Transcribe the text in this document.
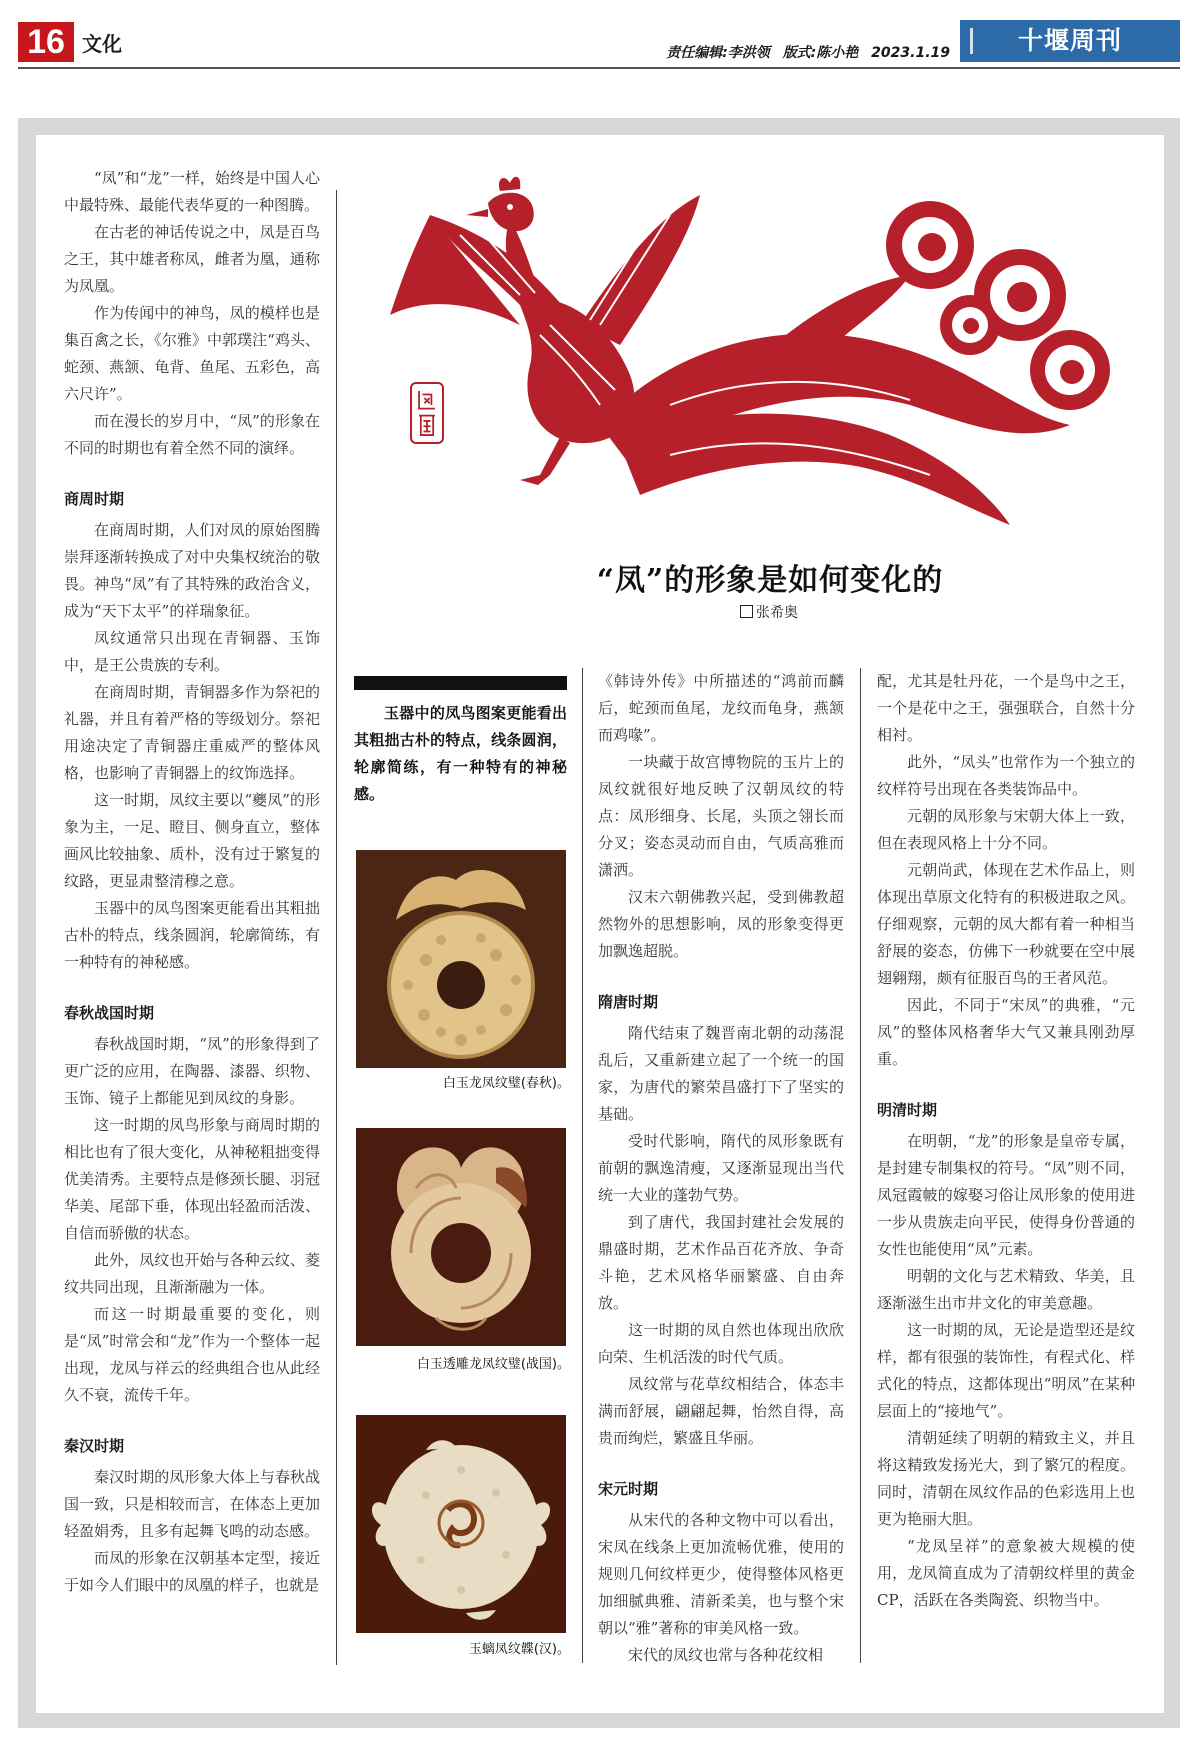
16 文化	责任编辑:李洪领 版式:陈小艳 2023.1.19	十堰周刊
“凤”的形象是如何变化的
张希奥

“凤”和“龙”一样，始终是中国人心中最特殊、最能代表华夏的一种图腾。

在古老的神话传说之中，凤是百鸟之王，其中雄者称凤，雌者为凰，通称为凤凰。

作为传闻中的神鸟，凤的模样也是集百禽之长，《尔雅》中郭璞注“鸡头、蛇颈、燕颔、龟背、鱼尾、五彩色，高六尺许”。

而在漫长的岁月中，“凤”的形象在不同的时期也有着全然不同的演绎。

商周时期

在商周时期，人们对凤的原始图腾崇拜逐渐转换成了对中央集权统治的敬畏。神鸟“凤”有了其特殊的政治含义，成为“天下太平”的祥瑞象征。

凤纹通常只出现在青铜器、玉饰中，是王公贵族的专利。

在商周时期，青铜器多作为祭祀的礼器，并且有着严格的等级划分。祭祀用途决定了青铜器庄重威严的整体风格，也影响了青铜器上的纹饰选择。

这一时期，凤纹主要以“夔凤”的形象为主，一足、瞪目、侧身直立，整体画风比较抽象、质朴，没有过于繁复的纹路，更显肃整清穆之意。

玉器中的凤鸟图案更能看出其粗拙古朴的特点，线条圆润，轮廓简练，有一种特有的神秘感。

春秋战国时期

春秋战国时期，“凤”的形象得到了更广泛的应用，在陶器、漆器、织物、玉饰、镜子上都能见到凤纹的身影。

这一时期的凤鸟形象与商周时期的相比也有了很大变化，从神秘粗拙变得优美清秀。主要特点是修颈长腿、羽冠华美、尾部下垂，体现出轻盈而活泼、自信而骄傲的状态。

此外，凤纹也开始与各种云纹、菱纹共同出现，且渐渐融为一体。

而这一时期最重要的变化，则是“凤”时常会和“龙”作为一个整体一起出现，龙凤与祥云的经典组合也从此经久不衰，流传千年。

秦汉时期

秦汉时期的凤形象大体上与春秋战国一致，只是相较而言，在体态上更加轻盈娟秀，且多有起舞飞鸣的动态感。

而凤的形象在汉朝基本定型，接近于如今人们眼中的凤凰的样子，也就是

玉器中的凤鸟图案更能看出其粗拙古朴的特点，线条圆润，轮廓简练，有一种特有的神秘感。
白玉龙凤纹璧(春秋)。
白玉透雕龙凤纹璧(战国)。
玉螭凤纹韘(汉)。

《韩诗外传》中所描述的“鸿前而麟后，蛇颈而鱼尾，龙纹而龟身，燕颔而鸡喙”。

一块藏于故宫博物院的玉片上的凤纹就很好地反映了汉朝凤纹的特点：凤形细身、长尾，头顶之翎长而分叉；姿态灵动而自由，气质高雅而潇洒。

汉末六朝佛教兴起，受到佛教超然物外的思想影响，凤的形象变得更加飘逸超脱。

隋唐时期

隋代结束了魏晋南北朝的动荡混乱后，又重新建立起了一个统一的国家，为唐代的繁荣昌盛打下了坚实的基础。

受时代影响，隋代的凤形象既有前朝的飘逸清瘦，又逐渐显现出当代统一大业的蓬勃气势。

到了唐代，我国封建社会发展的鼎盛时期，艺术作品百花齐放、争奇斗艳，艺术风格华丽繁盛、自由奔放。

这一时期的凤自然也体现出欣欣向荣、生机活泼的时代气质。

凤纹常与花草纹相结合，体态丰满而舒展，翩翩起舞，怡然自得，高贵而绚烂，繁盛且华丽。

宋元时期

从宋代的各种文物中可以看出，宋凤在线条上更加流畅优雅，使用的规则几何纹样更少，使得整体风格更加细腻典雅、清新柔美，也与整个宋朝以“雅”著称的审美风格一致。

宋代的凤纹也常与各种花纹相

配，尤其是牡丹花，一个是鸟中之王，一个是花中之王，强强联合，自然十分相衬。

此外，“凤头”也常作为一个独立的纹样符号出现在各类装饰品中。

元朝的凤形象与宋朝大体上一致，但在表现风格上十分不同。

元朝尚武，体现在艺术作品上，则体现出草原文化特有的积极进取之风。仔细观察，元朝的凤大都有着一种相当舒展的姿态，仿佛下一秒就要在空中展翅翱翔，颇有征服百鸟的王者风范。

因此，不同于“宋凤”的典雅，“元凤”的整体风格奢华大气又兼具刚劲厚重。

明清时期

在明朝，“龙”的形象是皇帝专属，是封建专制集权的符号。“凤”则不同，凤冠霞帔的嫁娶习俗让凤形象的使用进一步从贵族走向平民，使得身份普通的女性也能使用“凤”元素。

明朝的文化与艺术精致、华美，且逐渐滋生出市井文化的审美意趣。

这一时期的凤，无论是造型还是纹样，都有很强的装饰性，有程式化、样式化的特点，这都体现出“明凤”在某种层面上的“接地气”。

清朝延续了明朝的精致主义，并且将这精致发扬光大，到了繁冗的程度。同时，清朝在凤纹作品的色彩选用上也更为艳丽大胆。

“龙凤呈祥”的意象被大规模的使用，龙凤简直成为了清朝纹样里的黄金CP，活跃在各类陶瓷、织物当中。
